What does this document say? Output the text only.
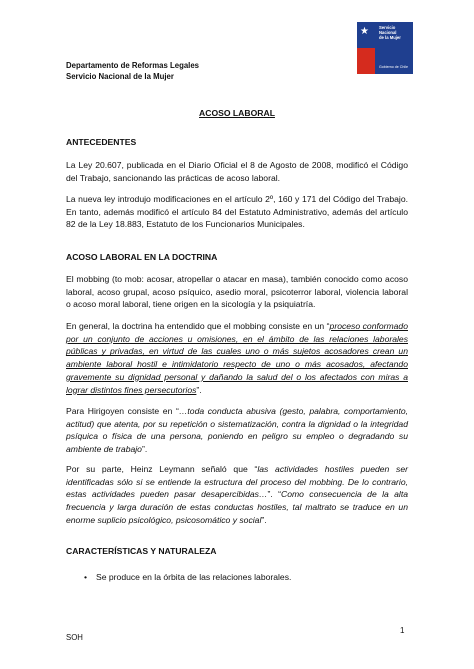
★ Servicio
Nacional
de la Mujer
Gobierno de Chile
Departamento de Reformas Legales
Servicio Nacional de la Mujer
ACOSO LABORAL
ANTECEDENTES

La Ley 20.607, publicada en el Diario Oficial el 8 de Agosto de 2008, modificó el Código del Trabajo, sancionando las prácticas de acoso laboral.

La nueva ley introdujo modificaciones en el artículo 2º, 160 y 171 del Código del Trabajo. En tanto, además modificó el artículo 84 del Estatuto Administrativo, además del artículo 82 de la Ley 18.883, Estatuto de los Funcionarios Municipales.

ACOSO LABORAL EN LA DOCTRINA

El mobbing (to mob: acosar, atropellar o atacar en masa), también conocido como acoso laboral, acoso grupal, acoso psíquico, asedio moral, psicoterror laboral, violencia laboral o acoso moral laboral, tiene origen en la sicología y la psiquiatría.

En general, la doctrina ha entendido que el mobbing consiste en un “proceso conformado por un conjunto de acciones u omisiones, en el ámbito de las relaciones laborales públicas y privadas, en virtud de las cuales uno o más sujetos acosadores crean un ambiente laboral hostil e intimidatorio respecto de uno o más acosados, afectando gravemente su dignidad personal y dañando la salud del o los afectados con miras a lograr distintos fines persecutorios”.

Para Hirigoyen consiste en “…toda conducta abusiva (gesto, palabra, comportamiento, actitud) que atenta, por su repetición o sistematización, contra la dignidad o la integridad psíquica o física de una persona, poniendo en peligro su empleo o degradando su ambiente de trabajo”.

Por su parte, Heinz Leymann señaló que “las actividades hostiles pueden ser identificadas sólo si se entiende la estructura del proceso del mobbing. De lo contrario, estas actividades pueden pasar desapercibidas…”. “Como consecuencia de la alta frecuencia y larga duración de estas conductas hostiles, tal maltrato se traduce en un enorme suplicio psicológico, psicosomático y social”.

CARACTERÍSTICAS Y NATURALEZA
• Se produce en la órbita de las relaciones laborales.
1
SOH
